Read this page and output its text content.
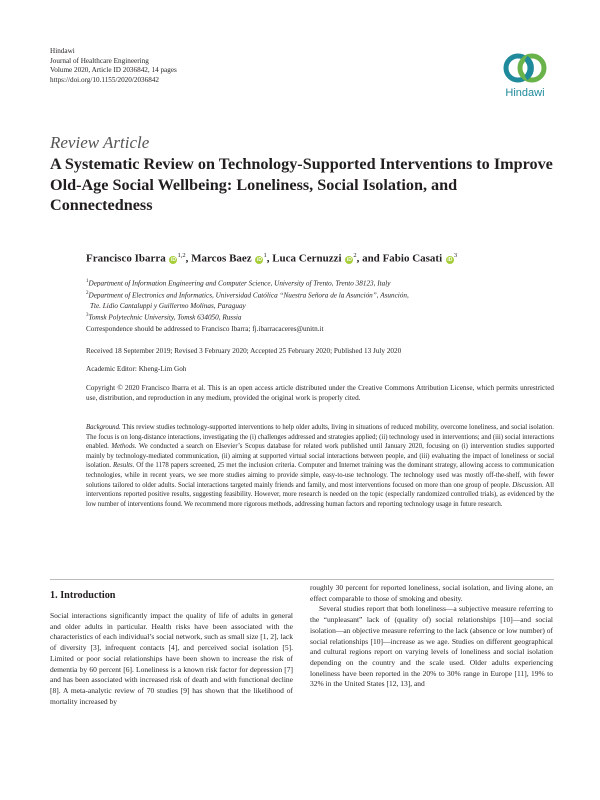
Hindawi
Journal of Healthcare Engineering
Volume 2020, Article ID 2036842, 14 pages
https://doi.org/10.1155/2020/2036842
Hindawi
Review Article
A Systematic Review on Technology-Supported Interventions to Improve Old-Age Social Wellbeing: Loneliness, Social Isolation, and Connectedness
Francisco Ibarra iD$^{1,2}$, Marcos Baez $iD^1$, Luca Cernuzzi $iD^2$, and Fabio Casati $iD^3$
$^1$Department of Information Engineering and Computer Science, University of Trento, Trento 38123, Italy
$^2$Department of Electronics and Informatics, Universidad Católica “Nuestra Señora de la Asunción”, Asunción,
Tte. Lidio Cantaluppi y Guillermo Molinas, Paraguay
$^3$Tomsk Polytechnic University, Tomsk 634050, Russia
Correspondence should be addressed to Francisco Ibarra; fj.ibarracaceres@unitn.it
Received 18 September 2019; Revised 3 February 2020; Accepted 25 February 2020; Published 13 July 2020
Academic Editor: Kheng-Lim Goh
Copyright © 2020 Francisco Ibarra et al. This is an open access article distributed under the Creative Commons Attribution License, which permits unrestricted use, distribution, and reproduction in any medium, provided the original work is properly cited.
Background. This review studies technology-supported interventions to help older adults, living in situations of reduced mobility, overcome loneliness, and social isolation. The focus is on long-distance interactions, investigating the (i) challenges addressed and strategies applied; (ii) technology used in interventions; and (iii) social interactions enabled. Methods. We conducted a search on Elsevier’s Scopus database for related work published until January 2020, focusing on (i) intervention studies supported mainly by technology-mediated communication, (ii) aiming at supported virtual social interactions between people, and (iii) evaluating the impact of loneliness or social isolation. Results. Of the 1178 papers screened, 25 met the inclusion criteria. Computer and Internet training was the dominant strategy, allowing access to communication technologies, while in recent years, we see more studies aiming to provide simple, easy-to-use technology. The technology used was mostly off-the-shelf, with fewer solutions tailored to older adults. Social interactions targeted mainly friends and family, and most interventions focused on more than one group of people. Discussion. All interventions reported positive results, suggesting feasibility. However, more research is needed on the topic (especially randomized controlled trials), as evidenced by the low number of interventions found. We recommend more rigorous methods, addressing human factors and reporting technology usage in future research.
1. Introduction

Social interactions significantly impact the quality of life of adults in general and older adults in particular. Health risks have been associated with the characteristics of each individual’s social network, such as small size [1, 2], lack of diversity [3], infrequent contacts [4], and perceived social isolation [5]. Limited or poor social relationships have been shown to increase the risk of dementia by 60 percent [6]. Loneliness is a known risk factor for depression [7] and has been associated with increased risk of death and with functional decline [8]. A meta-analytic review of 70 studies [9] has shown that the likelihood of mortality increased by

roughly 30 percent for reported loneliness, social isolation, and living alone, an effect comparable to those of smoking and obesity.

Several studies report that both loneliness—a subjective measure referring to the “unpleasant” lack of (quality of) social relationships [10]—and social isolation—an objective measure referring to the lack (absence or low number) of social relationships [10]—increase as we age. Studies on different geographical and cultural regions report on varying levels of loneliness and social isolation depending on the country and the scale used. Older adults experiencing loneliness have been reported in the 20% to 30% range in Europe [11], 19% to 32% in the United States [12, 13], and
